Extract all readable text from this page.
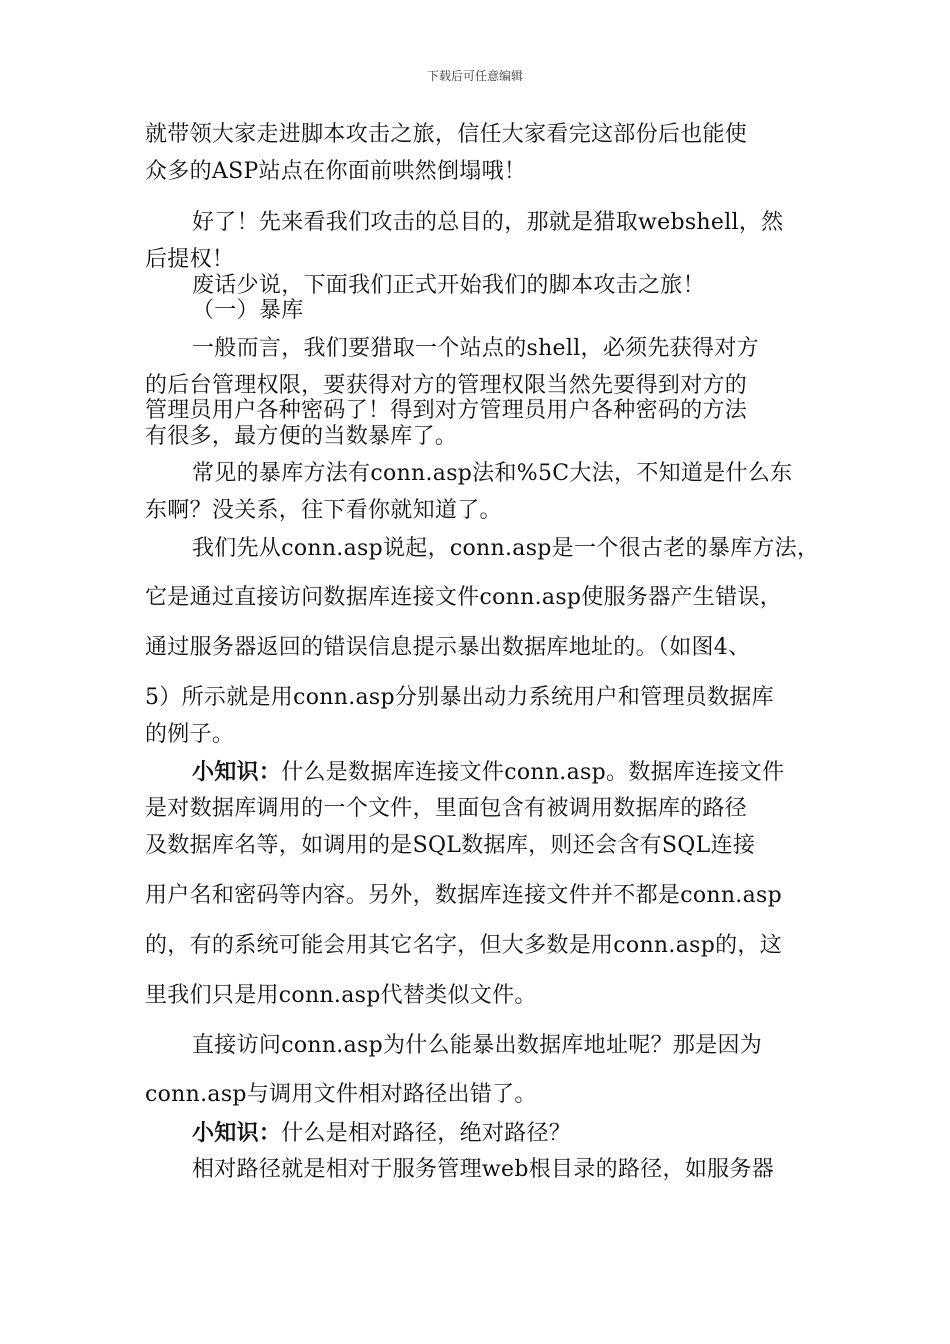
下载后可任意编辑
就带领大家走进脚本攻击之旅，信任大家看完这部份后也能使
众多的ASP站点在你面前哄然倒塌哦！
好了！先来看我们攻击的总目的，那就是猎取webshell，然
后提权！
废话少说，下面我们正式开始我们的脚本攻击之旅！
（一）暴库
一般而言，我们要猎取一个站点的shell，必须先获得对方
的后台管理权限，要获得对方的管理权限当然先要得到对方的
管理员用户各种密码了！得到对方管理员用户各种密码的方法
有很多，最方便的当数暴库了。
常见的暴库方法有conn.asp法和%5C大法，不知道是什么东
东啊？没关系，往下看你就知道了。
我们先从conn.asp说起，conn.asp是一个很古老的暴库方法，
它是通过直接访问数据库连接文件conn.asp使服务器产生错误，
通过服务器返回的错误信息提示暴出数据库地址的。（如图4、
5）所示就是用conn.asp分别暴出动力系统用户和管理员数据库
的例子。
小知识：什么是数据库连接文件conn.asp。数据库连接文件
是对数据库调用的一个文件，里面包含有被调用数据库的路径
及数据库名等，如调用的是SQL数据库，则还会含有SQL连接
用户名和密码等内容。另外，数据库连接文件并不都是conn.asp
的，有的系统可能会用其它名字，但大多数是用conn.asp的，这
里我们只是用conn.asp代替类似文件。
直接访问conn.asp为什么能暴出数据库地址呢？那是因为
conn.asp与调用文件相对路径出错了。
小知识：什么是相对路径，绝对路径？
相对路径就是相对于服务管理web根目录的路径，如服务器
